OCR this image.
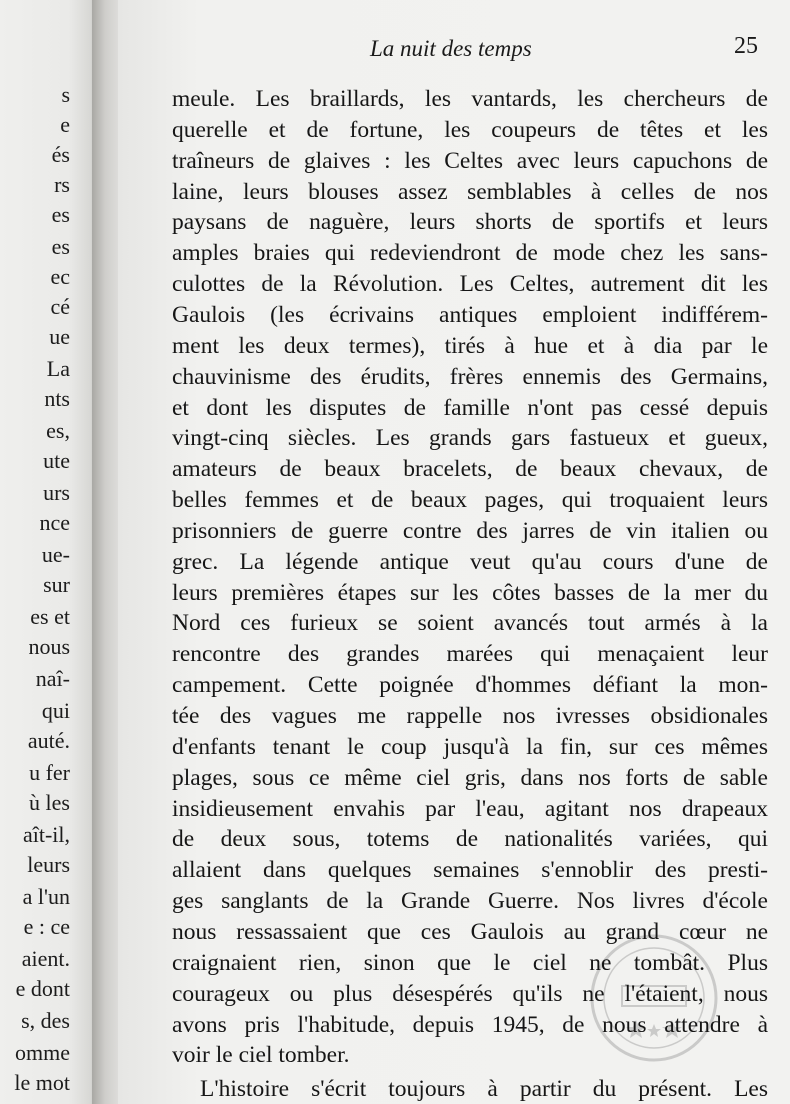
s
e
és
rs
es
es
ec
cé
ue
La
nts
es,
ute
urs
nce
ue-
sur
es et
nous
naî-
qui
auté.
u fer
ù les
aît-il,
leurs
a l'un
e : ce
aient.
e dont
s, des
omme
le mot
La nuit des temps	25
meule. Les braillards, les vantards, les chercheurs de
querelle et de fortune, les coupeurs de têtes et les
traîneurs de glaives : les Celtes avec leurs capuchons de
laine, leurs blouses assez semblables à celles de nos
paysans de naguère, leurs shorts de sportifs et leurs
amples braies qui redeviendront de mode chez les sans-
culottes de la Révolution. Les Celtes, autrement dit les
Gaulois (les écrivains antiques emploient indifférem-
ment les deux termes), tirés à hue et à dia par le
chauvinisme des érudits, frères ennemis des Germains,
et dont les disputes de famille n'ont pas cessé depuis
vingt-cinq siècles. Les grands gars fastueux et gueux,
amateurs de beaux bracelets, de beaux chevaux, de
belles femmes et de beaux pages, qui troquaient leurs
prisonniers de guerre contre des jarres de vin italien ou
grec. La légende antique veut qu'au cours d'une de
leurs premières étapes sur les côtes basses de la mer du
Nord ces furieux se soient avancés tout armés à la
rencontre des grandes marées qui menaçaient leur
campement. Cette poignée d'hommes défiant la mon-
tée des vagues me rappelle nos ivresses obsidionales
d'enfants tenant le coup jusqu'à la fin, sur ces mêmes
plages, sous ce même ciel gris, dans nos forts de sable
insidieusement envahis par l'eau, agitant nos drapeaux
de deux sous, totems de nationalités variées, qui
allaient dans quelques semaines s'ennoblir des presti-
ges sanglants de la Grande Guerre. Nos livres d'école
nous ressassaient que ces Gaulois au grand cœur ne
craignaient rien, sinon que le ciel ne tombât. Plus
courageux ou plus désespérés qu'ils ne l'étaient, nous
avons pris l'habitude, depuis 1945, de nous attendre à
voir le ciel tomber.
L'histoire s'écrit toujours à partir du présent. Les
